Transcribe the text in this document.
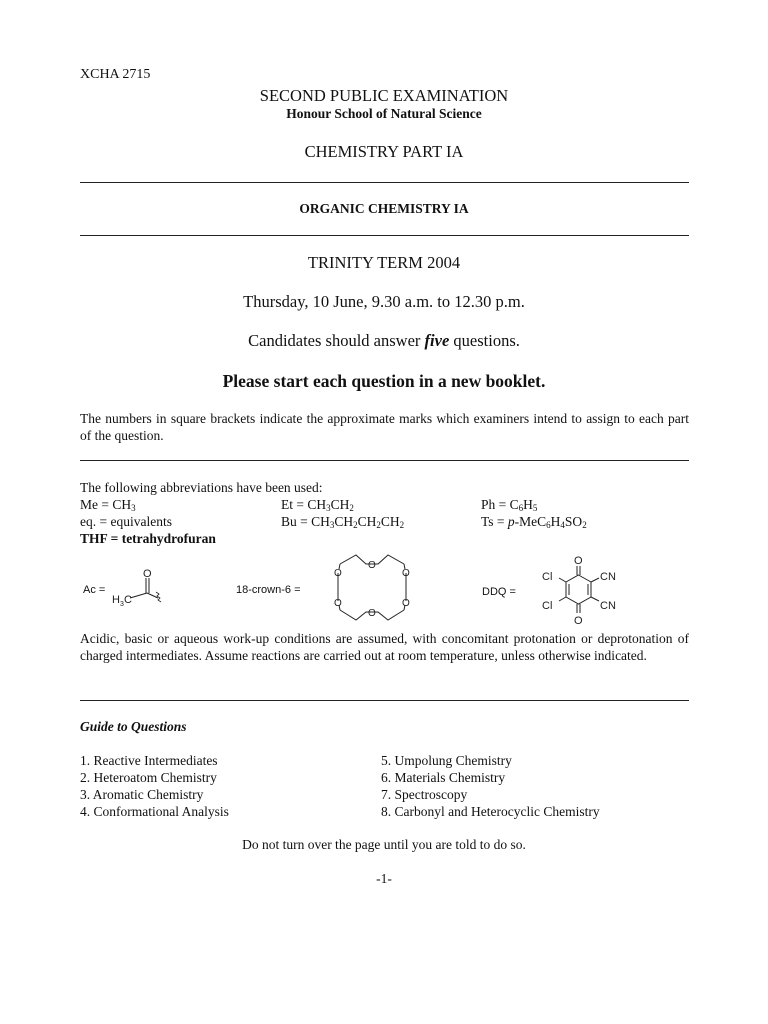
XCHA 2715
SECOND PUBLIC EXAMINATION
Honour School of Natural Science
CHEMISTRY PART IA
ORGANIC CHEMISTRY IA
TRINITY TERM 2004
Thursday, 10 June, 9.30 a.m. to 12.30 p.m.
Candidates should answer five questions.
Please start each question in a new booklet.
The numbers in square brackets indicate the approximate marks which examiners intend to assign to each part of the question.
The following abbreviations have been used:
$Me = CH_3$	$Et = CH_3CH_2$	$Ph = C_6H_5$
eq. = equivalents	$Bu = CH_3CH_2CH_2CH_2$	$Ts = p-MeC_6H_4SO_2$
THF = tetrahydrofuran
Ac =
O
H 3 C
18-crown-6 =
O
O	O
O	O
O
DDQ =
O
O
Cl
Cl
CN
CN
Acidic, basic or aqueous work-up conditions are assumed, with concomitant protonation or deprotonation of charged intermediates. Assume reactions are carried out at room temperature, unless otherwise indicated.
Guide to Questions
1. Reactive Intermediates
2. Heteroatom Chemistry
3. Aromatic Chemistry
4. Conformational Analysis
5. Umpolung Chemistry
6. Materials Chemistry
7. Spectroscopy
8. Carbonyl and Heterocyclic Chemistry
Do not turn over the page until you are told to do so.
-1-
